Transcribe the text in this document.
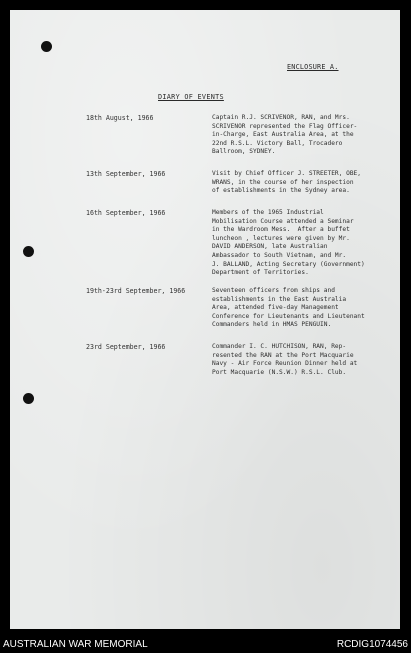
ENCLOSURE A.
DIARY OF EVENTS
18th August, 1966	Captain R.J. SCRIVENOR, RAN, and Mrs.
SCRIVENOR represented the Flag Officer-
in-Charge, East Australia Area, at the
22nd R.S.L. Victory Ball, Trocadero
Ballroom, SYDNEY.
13th September, 1966	Visit by Chief Officer J. STREETER, OBE,
WRANS, in the course of her inspection
of establishments in the Sydney area.
16th September, 1966	Members of the 1965 Industrial
Mobilisation Course attended a Seminar
in the Wardroom Mess.  After a buffet
luncheon , lectures were given by Mr.
DAVID ANDERSON, late Australian
Ambassador to South Vietnam, and Mr.
J. BALLAND, Acting Secretary (Government)
Department of Territories.
19th-23rd September, 1966	Seventeen officers from ships and
establishments in the East Australia
Area, attended five-day Management
Conference for Lieutenants and Lieutenant
Commanders held in HMAS PENGUIN.
23rd September, 1966	Commander I. C. HUTCHISON, RAN, Rep-
resented the RAN at the Port Macquarie
Navy - Air Force Reunion Dinner held at
Port Macquarie (N.S.W.) R.S.L. Club.
AUSTRALIAN WAR MEMORIAL	RCDIG1074456
